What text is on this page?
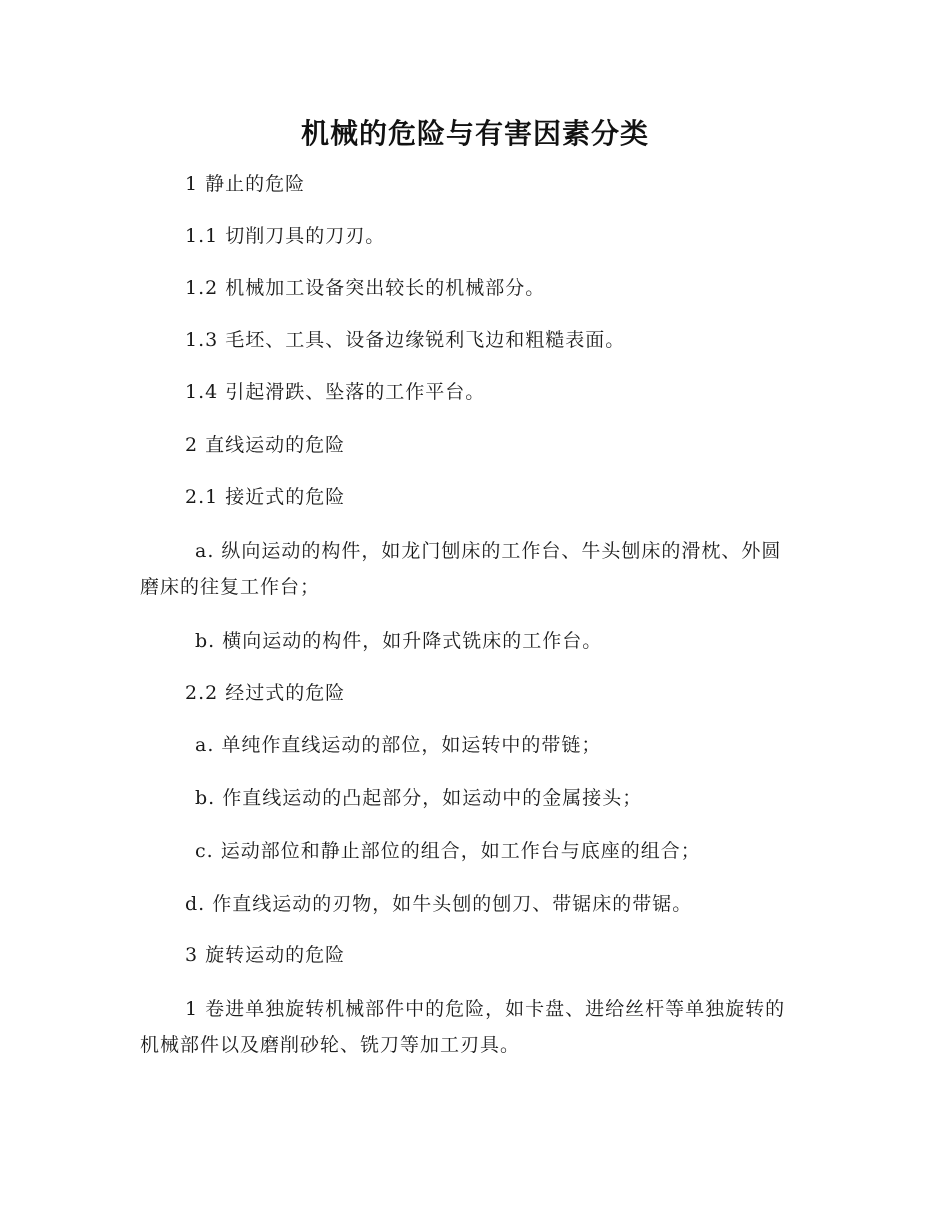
机械的危险与有害因素分类
1 静止的危险
1.1 切削刀具的刀刃。
1.2 机械加工设备突出较长的机械部分。
1.3 毛坯、工具、设备边缘锐利飞边和粗糙表面。
1.4 引起滑跌、坠落的工作平台。
2 直线运动的危险
2.1 接近式的危险
a. 纵向运动的构件，如龙门刨床的工作台、牛头刨床的滑枕、外圆磨床的往复工作台；
b. 横向运动的构件，如升降式铣床的工作台。
2.2 经过式的危险
a. 单纯作直线运动的部位，如运转中的带链；
b. 作直线运动的凸起部分，如运动中的金属接头；
c. 运动部位和静止部位的组合，如工作台与底座的组合；
d. 作直线运动的刃物，如牛头刨的刨刀、带锯床的带锯。
3 旋转运动的危险
1 卷进单独旋转机械部件中的危险，如卡盘、进给丝杆等单独旋转的机械部件以及磨削砂轮、铣刀等加工刃具。
